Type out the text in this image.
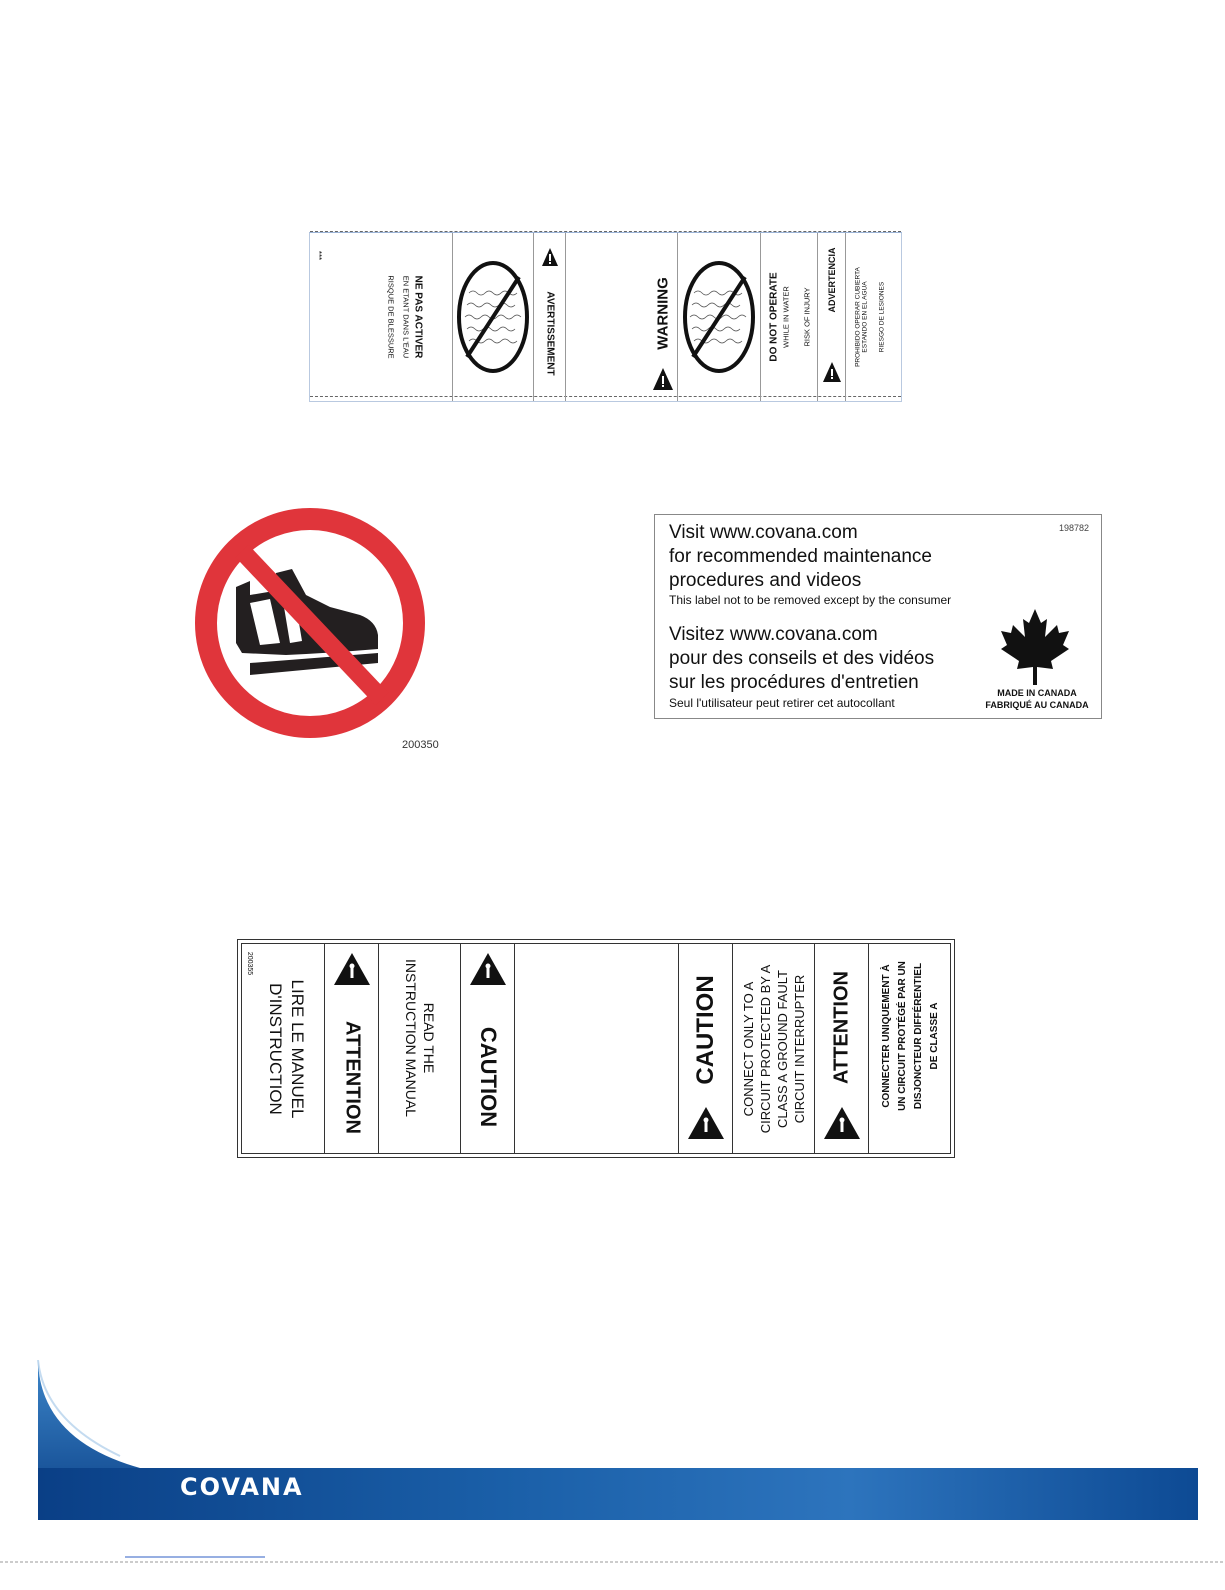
***
NE PAS ACTIVER
EN ETANT DANS L'EAU
RISQUE DE BLESSURE	AVERTISSEMENT	WARNING	DO NOT OPERATE WHILE IN WATER RISK OF INJURY
ADVERTENCIA	PROHIBIDO OPERAR CUBIERTA ESTANDO EN EL AGUA RIESGO DE LESIONES
200350
198782
Visit www.covana.com
for recommended maintenance
procedures and videos
This label not to be removed except by the consumer
Visitez www.covana.com
pour des conseils et des vidéos
sur les procédures d'entretien
Seul l'utilisateur peut retirer cet autocollant
MADE IN CANADA
FABRIQUÉ AU CANADA
200355
LIRE LE MANUEL
D'INSTRUCTION	ATTENTION	READ THE
INSTRUCTION MANUAL	CAUTION	CAUTION CONNECT ONLY TO A CIRCUIT PROTECTED BY A CLASS A GROUND FAULT CIRCUIT INTERRUPTER ATTENTION	CONNECTER UNIQUEMENT À UN CIRCUIT PROTÉGÉ PAR UN DISJONCTEUR DIFFÉRENTIEL DE CLASSE A
COVANA
